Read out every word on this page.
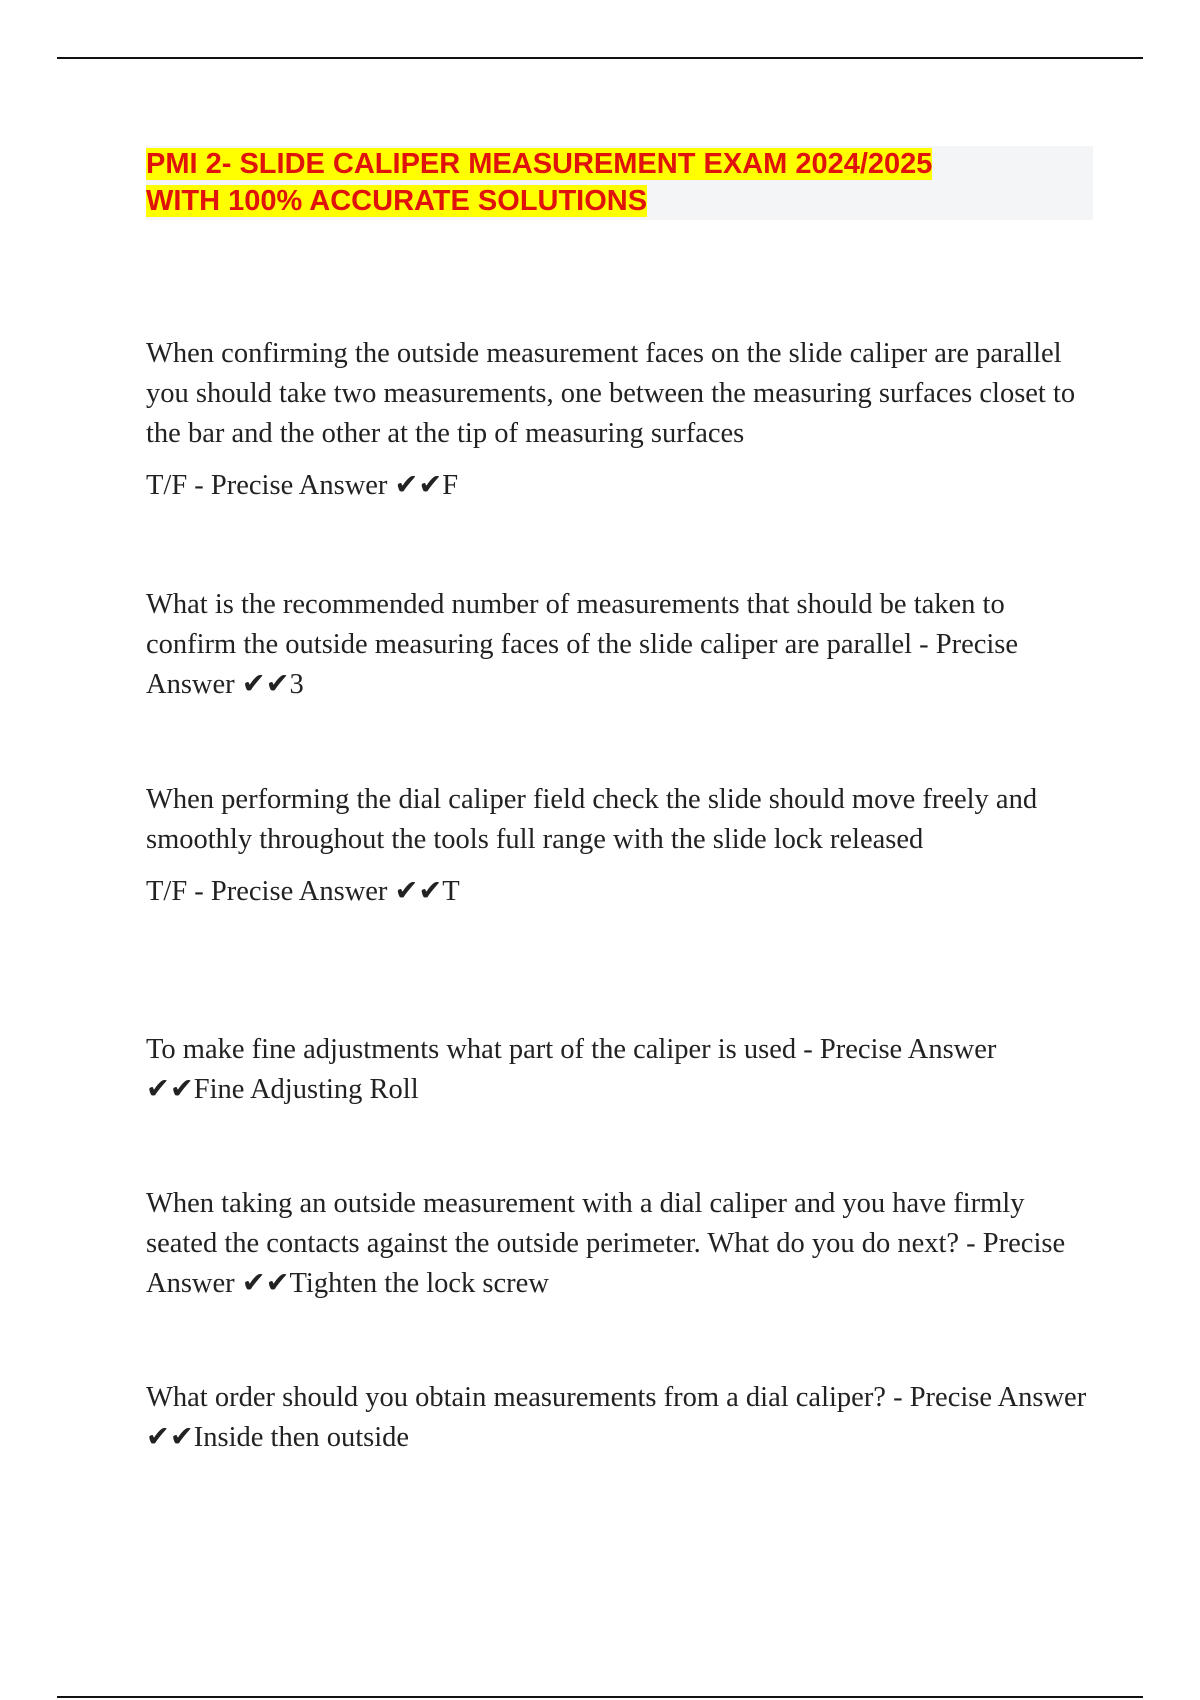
PMI 2- SLIDE CALIPER MEASUREMENT EXAM 2024/2025
WITH 100% ACCURATE SOLUTIONS
When confirming the outside measurement faces on the slide caliper are parallel you should take two measurements, one between the measuring surfaces closet to the bar and the other at the tip of measuring surfaces
T/F - Precise Answer ✔✔F
What is the recommended number of measurements that should be taken to confirm the outside measuring faces of the slide caliper are parallel - Precise Answer ✔✔3
When performing the dial caliper field check the slide should move freely and smoothly throughout the tools full range with the slide lock released
T/F - Precise Answer ✔✔T
To make fine adjustments what part of the caliper is used - Precise Answer ✔✔Fine Adjusting Roll
When taking an outside measurement with a dial caliper and you have firmly seated the contacts against the outside perimeter. What do you do next? - Precise Answer ✔✔Tighten the lock screw
What order should you obtain measurements from a dial caliper? - Precise Answer ✔✔Inside then outside
